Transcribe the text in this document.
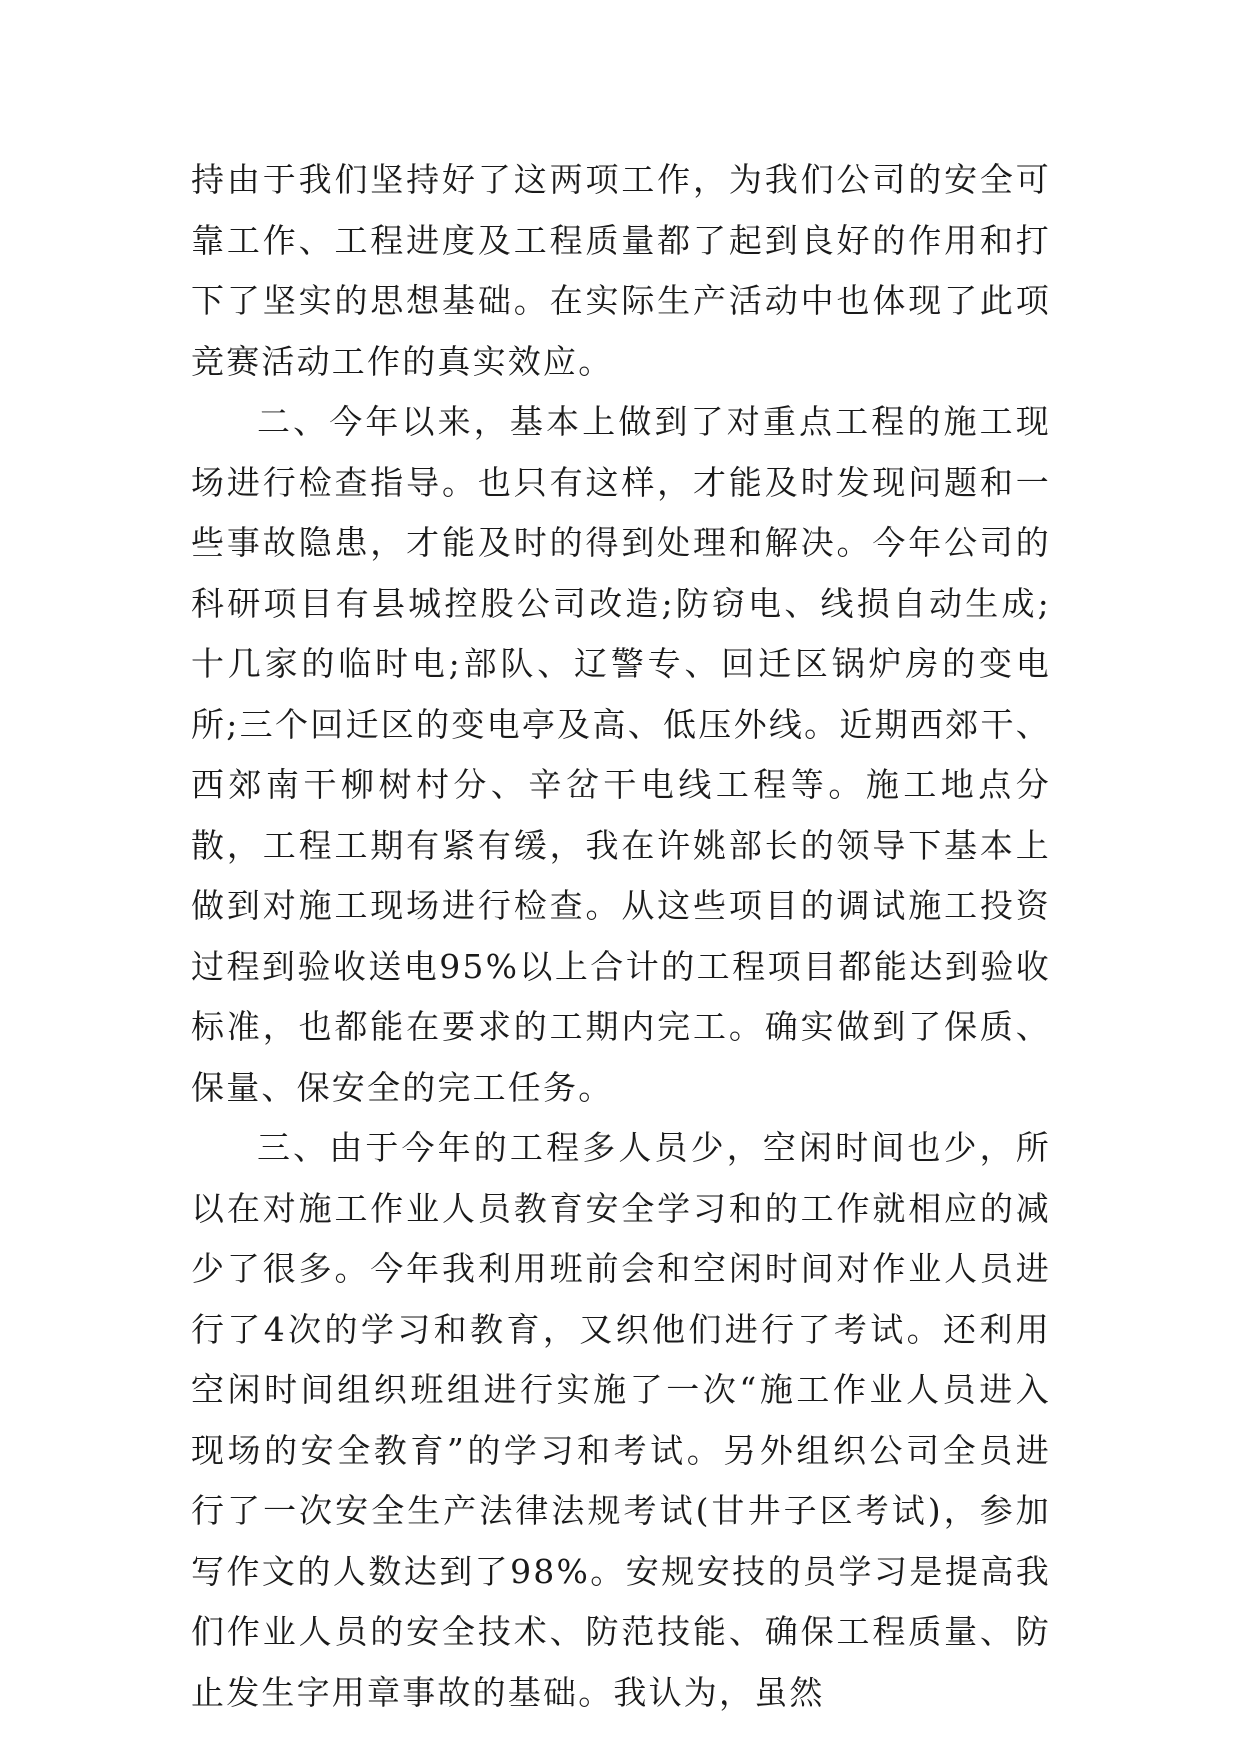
持由于我们坚持好了这两项工作，为我们公司的安全可靠工作、工程进度及工程质量都了起到良好的作用和打下了坚实的思想基础。在实际生产活动中也体现了此项竞赛活动工作的真实效应。

二、今年以来，基本上做到了对重点工程的施工现场进行检查指导。也只有这样，才能及时发现问题和一些事故隐患，才能及时的得到处理和解决。今年公司的科研项目有县城控股公司改造;防窃电、线损自动生成;十几家的临时电;部队、辽警专、回迁区锅炉房的变电所;三个回迁区的变电亭及高、低压外线。近期西郊干、西郊南干柳树村分、辛岔干电线工程等。施工地点分散，工程工期有紧有缓，我在许姚部长的领导下基本上做到对施工现场进行检查。从这些项目的调试施工投资过程到验收送电95%以上合计的工程项目都能达到验收标准，也都能在要求的工期内完工。确实做到了保质、保量、保安全的完工任务。

三、由于今年的工程多人员少，空闲时间也少，所以在对施工作业人员教育安全学习和的工作就相应的减少了很多。今年我利用班前会和空闲时间对作业人员进行了4次的学习和教育，又织他们进行了考试。还利用空闲时间组织班组进行实施了一次“施工作业人员进入现场的安全教育”的学习和考试。另外组织公司全员进行了一次安全生产法律法规考试(甘井子区考试)，参加写作文的人数达到了98%。安规安技的员学习是提高我们作业人员的安全技术、防范技能、确保工程质量、防止发生字用章事故的基础。我认为，虽然
